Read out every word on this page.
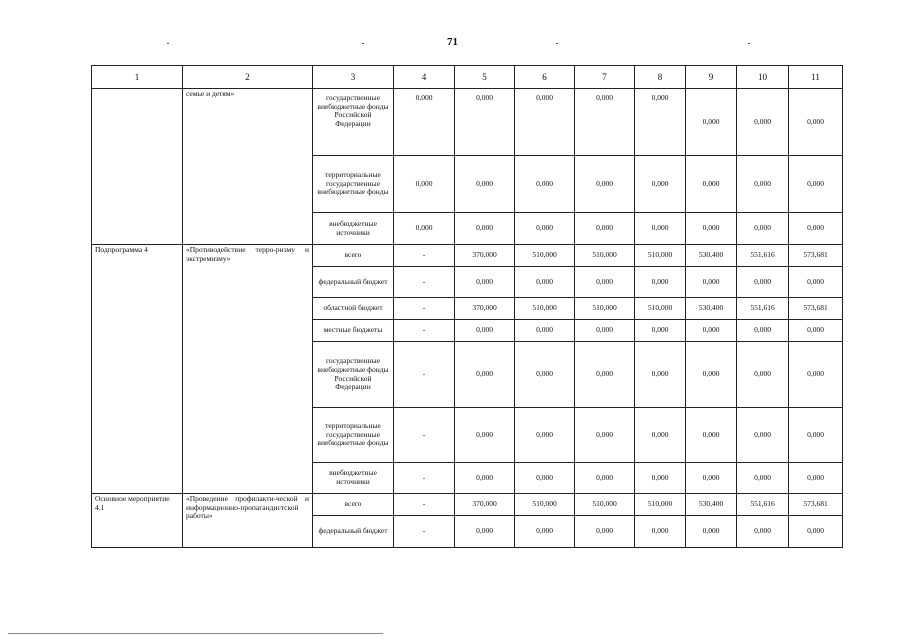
71
1	2	3	4	5	6	7	8	9	10	11
	семье и детям»	государственные внебюджетные фонды Российской Федерации	0,000	0,000	0,000	0,000	0,000	0,000	0,000	0,000
		территориальные государственные внебюджетные фонды	0,000	0,000	0,000	0,000	0,000	0,000	0,000	0,000
		внебюджетные источники	0,000	0,000	0,000	0,000	0,000	0,000	0,000	0,000
Подпрограмма 4	«Противодействие терро-ризму и экстремизму»	всего	-	370,000	510,000	510,000	510,000	530,400	551,616	573,681
		федеральный бюджет	-	0,000	0,000	0,000	0,000	0,000	0,000	0,000
		областной бюджет	-	370,000	510,000	510,000	510,000	530,400	551,616	573,681
		местные бюджеты	-	0,000	0,000	0,000	0,000	0,000	0,000	0,000
		государственные внебюджетные фонды Российской Федерации	-	0,000	0,000	0,000	0,000	0,000	0,000	0,000
		территориальные государственные внебюджетные фонды	-	0,000	0,000	0,000	0,000	0,000	0,000	0,000
		внебюджетные источники	-	0,000	0,000	0,000	0,000	0,000	0,000	0,000
Основное мероприятие 4.1	«Проведение профилакти-ческой и информационно-пропагандистской работы»	всего	-	370,000	510,000	510,000	510,000	530,400	551,616	573,681
		федеральный бюджет	-	0,000	0,000	0,000	0,000	0,000	0,000	0,000
